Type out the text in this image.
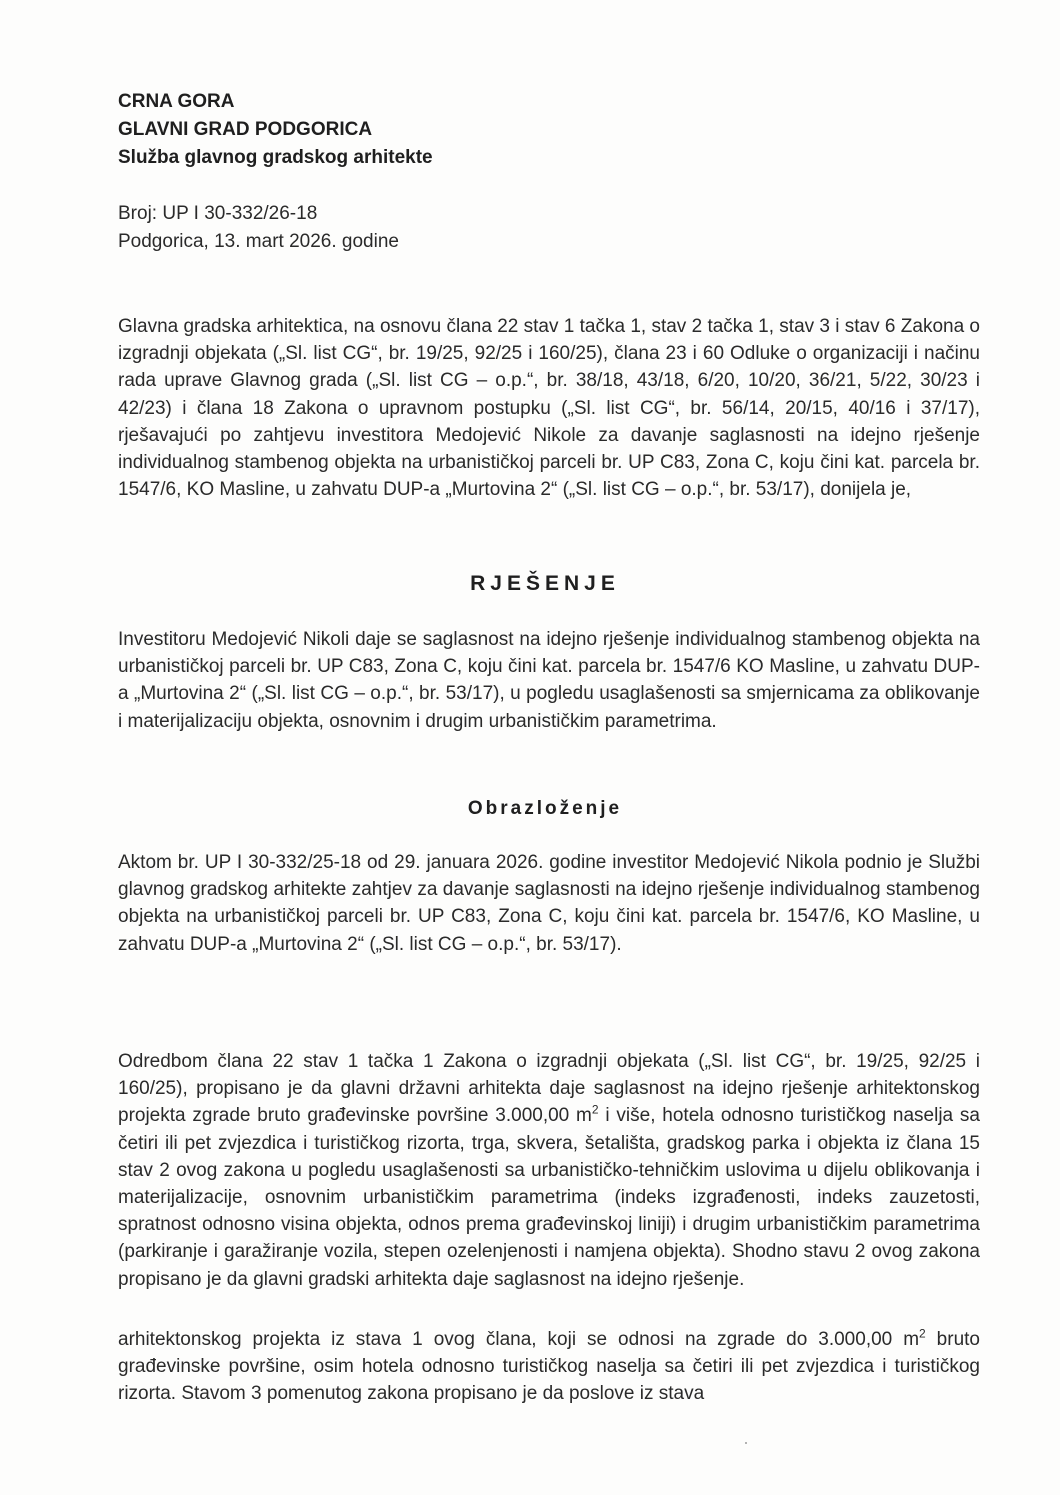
CRNA GORA
GLAVNI GRAD PODGORICA
Služba glavnog gradskog arhitekte
Broj: UP I 30-332/26-18
Podgorica, 13. mart 2026. godine
Glavna gradska arhitektica, na osnovu člana 22 stav 1 tačka 1, stav 2 tačka 1, stav 3 i stav 6 Zakona o izgradnji objekata („Sl. list CG“, br. 19/25, 92/25 i 160/25), člana 23 i 60 Odluke o organizaciji i načinu rada uprave Glavnog grada („Sl. list CG – o.p.“, br. 38/18, 43/18, 6/20, 10/20, 36/21, 5/22, 30/23 i 42/23) i člana 18 Zakona o upravnom postupku („Sl. list CG“, br. 56/14, 20/15, 40/16 i 37/17), rješavajući po zahtjevu investitora Medojević Nikole za davanje saglasnosti na idejno rješenje individualnog stambenog objekta na urbanističkoj parceli br. UP C83, Zona C, koju čini kat. parcela br. 1547/6, KO Masline, u zahvatu DUP-a „Murtovina 2“ („Sl. list CG – o.p.“, br. 53/17), donijela je,
RJEŠENJE
Investitoru Medojević Nikoli daje se saglasnost na idejno rješenje individualnog stambenog objekta na urbanističkoj parceli br. UP C83, Zona C, koju čini kat. parcela br. 1547/6 KO Masline, u zahvatu DUP-a „Murtovina 2“ („Sl. list CG – o.p.“, br. 53/17), u pogledu usaglašenosti sa smjernicama za oblikovanje i materijalizaciju objekta, osnovnim i drugim urbanističkim parametrima.
Obrazloženje
Aktom br. UP I 30-332/25-18 od 29. januara 2026. godine investitor Medojević Nikola podnio je Službi glavnog gradskog arhitekte zahtjev za davanje saglasnosti na idejno rješenje individualnog stambenog objekta na urbanističkoj parceli br. UP C83, Zona C, koju čini kat. parcela br. 1547/6, KO Masline, u zahvatu DUP-a „Murtovina 2“ („Sl. list CG – o.p.“, br. 53/17).
Odredbom člana 22 stav 1 tačka 1 Zakona o izgradnji objekata („Sl. list CG“, br. 19/25, 92/25 i 160/25), propisano je da glavni državni arhitekta daje saglasnost na idejno rješenje arhitektonskog projekta zgrade bruto građevinske površine 3.000,00 $m^2$ i više, hotela odnosno turističkog naselja sa četiri ili pet zvjezdica i turističkog rizorta, trga, skvera, šetališta, gradskog parka i objekta iz člana 15 stav 2 ovog zakona u pogledu usaglašenosti sa urbanističko-tehničkim uslovima u dijelu oblikovanja i materijalizacije, osnovnim urbanističkim parametrima (indeks izgrađenosti, indeks zauzetosti, spratnost odnosno visina objekta, odnos prema građevinskoj liniji) i drugim urbanističkim parametrima (parkiranje i garažiranje vozila, stepen ozelenjenosti i namjena objekta). Shodno stavu 2 ovog zakona propisano je da glavni gradski arhitekta daje saglasnost na idejno rješenje.
arhitektonskog projekta iz stava 1 ovog člana, koji se odnosi na zgrade do 3.000,00 $m^2$ bruto građevinske površine, osim hotela odnosno turističkog naselja sa četiri ili pet zvjezdica i turističkog rizorta. Stavom 3 pomenutog zakona propisano je da poslove iz stava
